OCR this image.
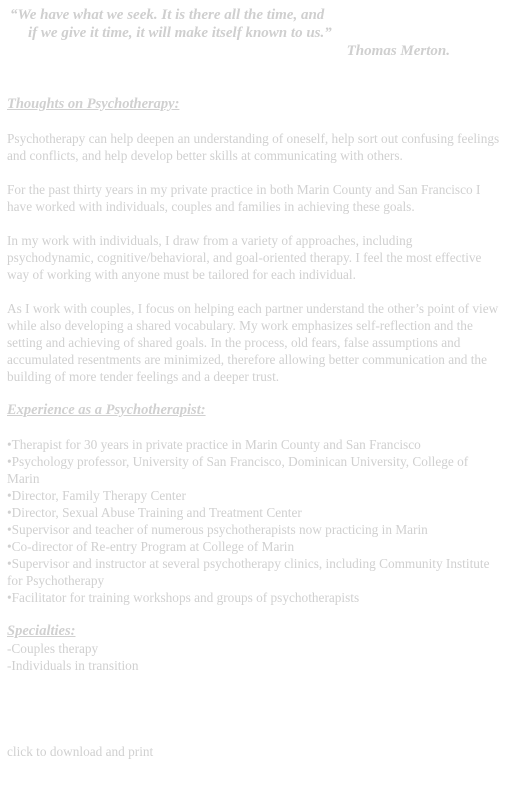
“We have what we seek. It is there all the time, and
if we give it time, it will make itself known to us.”
Thomas Merton.
Thoughts on Psychotherapy:

Psychotherapy can help deepen an understanding of oneself, help sort out confusing feelings and conflicts, and help develop better skills at communicating with others.

For the past thirty years in my private practice in both Marin County and San Francisco I have worked with individuals, couples and families in achieving these goals.

In my work with individuals, I draw from a variety of approaches, including psychodynamic, cognitive/behavioral, and goal-oriented therapy. I feel the most effective way of working with anyone must be tailored for each individual.

As I work with couples, I focus on helping each partner understand the other’s point of view while also developing a shared vocabulary. My work emphasizes self-reflection and the setting and achieving of shared goals. In the process, old fears, false assumptions and accumulated resentments are minimized, therefore allowing better communication and the building of more tender feelings and a deeper trust.

Experience as a Psychotherapist:
•Therapist for 30 years in private practice in Marin County and San Francisco
•Psychology professor, University of San Francisco, Dominican University, College of Marin
•Director, Family Therapy Center
•Director, Sexual Abuse Training and Treatment Center
•Supervisor and teacher of numerous psychotherapists now practicing in Marin
•Co-director of Re-entry Program at College of Marin
•Supervisor and instructor at several psychotherapy clinics, including Community Institute for Psychotherapy
•Facilitator for training workshops and groups of psychotherapists
Specialties:
-Couples therapy
-Individuals in transition
click to download and print
